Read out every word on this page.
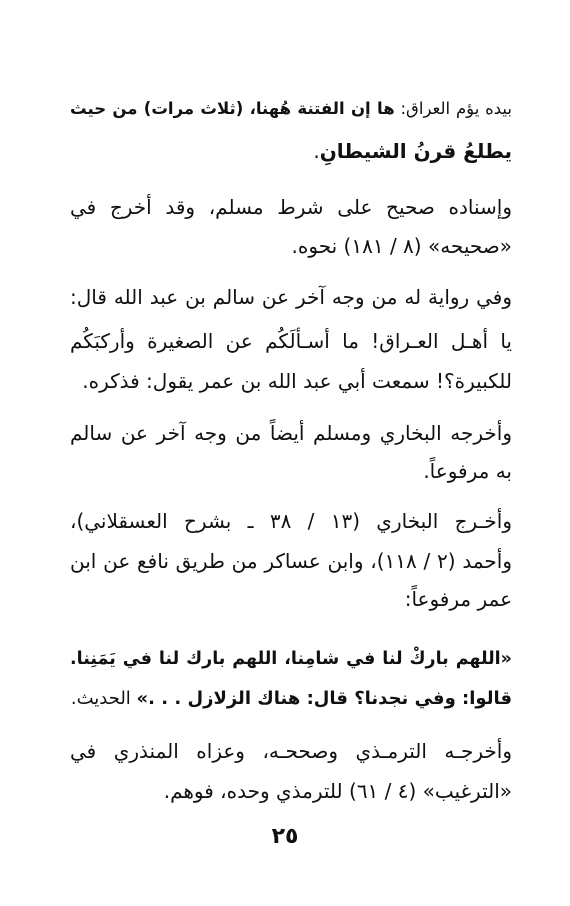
بيده يؤم العراق: ها إن الفتنة هُهنا، (ثلاث مرات) من حيث
يطلعُ قرنُ الشيطانِ.
وإسناده صحيح على شرط مسلم، وقد أخرج في
«صحيحه» (٨ / ١٨١) نحوه.
وفي رواية له من وجه آخر عن سالم بن عبد الله قال:
يا أهـل العـراق! ما أسـألَكُم عن الصغيرة وأركبَكُم
للكبيرة؟! سمعت أبي عبد الله بن عمر يقول: فذكره.
وأخرجه البخاري ومسلم أيضاً من وجه آخر عن سالم
به مرفوعاً.
وأخـرج البخاري (١٣ / ٣٨ ـ بشرح العسقلاني)،
وأحمد (٢ / ١١٨)، وابن عساكر من طريق نافع عن ابن
عمر مرفوعاً:
«اللهم باركْ لنا في شامِنا، اللهم بارك لنا في يَمَنِنا.
قالوا: وفي نجدنا؟ قال: هناك الزلازل . . .» الحديث.
وأخرجـه الترمـذي وصححـه، وعزاه المنذري في
«الترغيب» (٤ / ٦١) للترمذي وحده، فوهم.
٢٥
